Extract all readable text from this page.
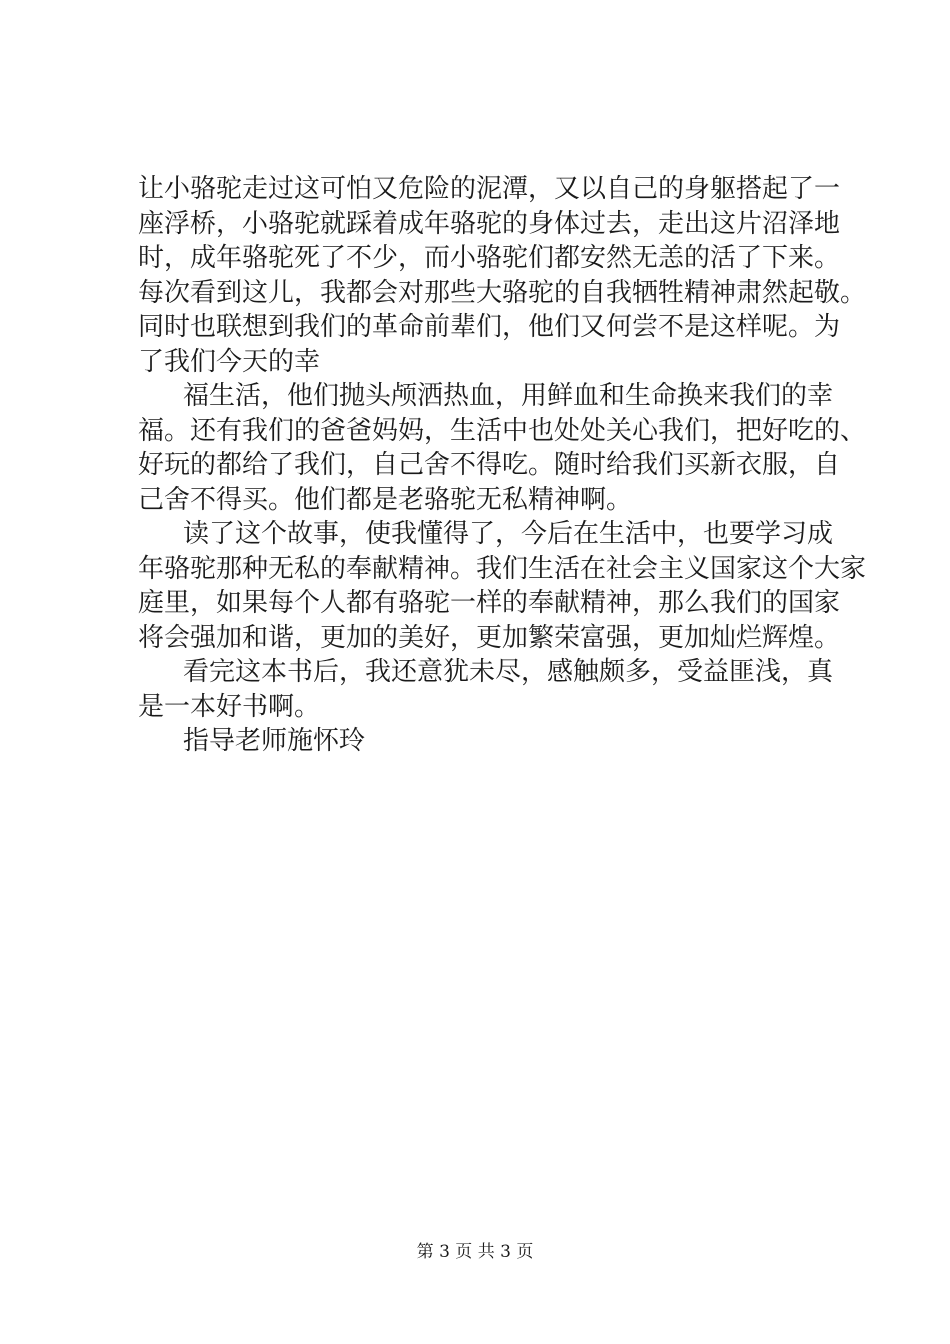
让小骆驼走过这可怕又危险的泥潭，又以自己的身躯搭起了一
座浮桥，小骆驼就踩着成年骆驼的身体过去，走出这片沼泽地
时，成年骆驼死了不少，而小骆驼们都安然无恙的活了下来。
每次看到这儿，我都会对那些大骆驼的自我牺牲精神肃然起敬。
同时也联想到我们的革命前辈们，他们又何尝不是这样呢。为
了我们今天的幸
福生活，他们抛头颅洒热血，用鲜血和生命换来我们的幸
福。还有我们的爸爸妈妈，生活中也处处关心我们，把好吃的、
好玩的都给了我们，自己舍不得吃。随时给我们买新衣服，自
己舍不得买。他们都是老骆驼无私精神啊。
读了这个故事，使我懂得了，今后在生活中，也要学习成
年骆驼那种无私的奉献精神。我们生活在社会主义国家这个大家
庭里，如果每个人都有骆驼一样的奉献精神，那么我们的国家
将会强加和谐，更加的美好，更加繁荣富强，更加灿烂辉煌。
看完这本书后，我还意犹未尽，感触颇多，受益匪浅，真
是一本好书啊。
指导老师施怀玲
第 3 页 共 3 页
